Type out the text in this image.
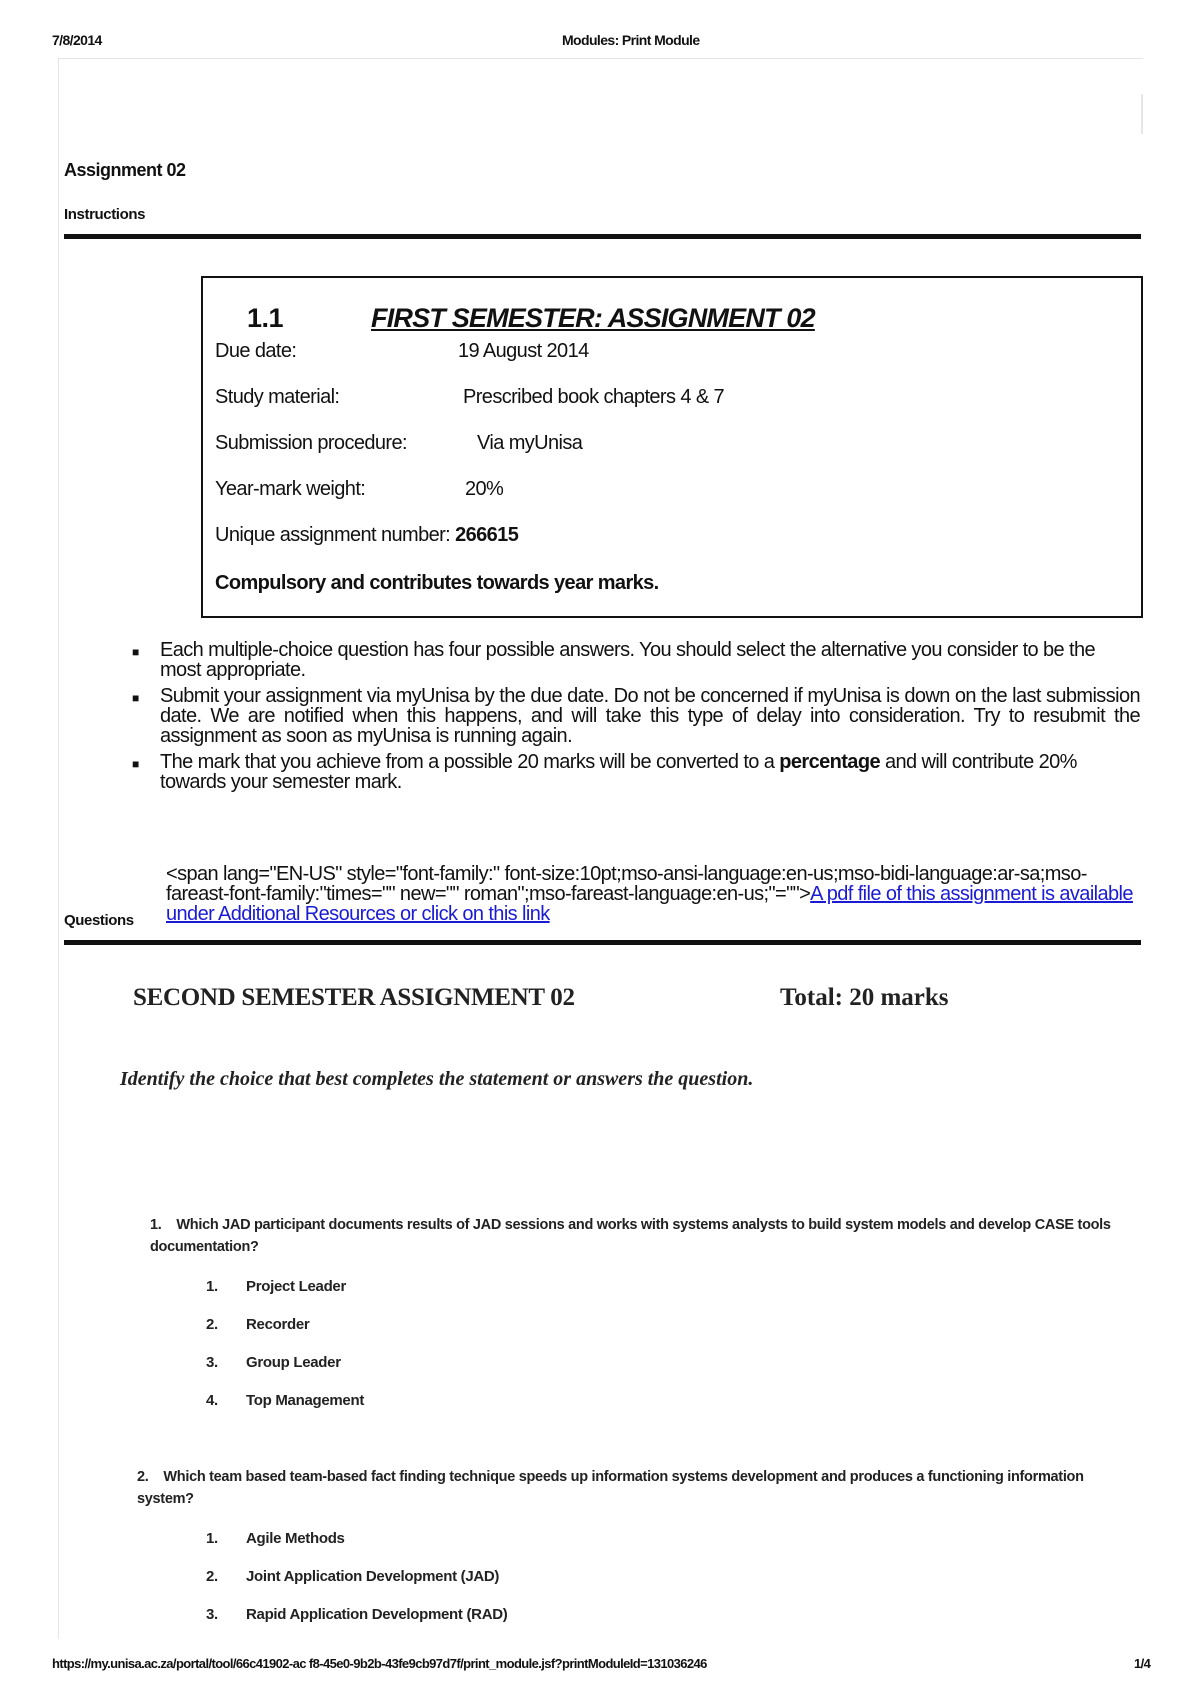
7/8/2014	Modules: Print Module
Assignment 02
Instructions
1.1	FIRST SEMESTER: ASSIGNMENT 02
Due date:	19 August 2014
Study material:	Prescribed book chapters 4 & 7
Submission procedure:	Via myUnisa
Year-mark weight:	20%
Unique assignment number: 266615
Compulsory and contributes towards year marks.
■ Each multiple-choice question has four possible answers. You should select the alternative you consider to be the most appropriate.
■ Submit your assignment via myUnisa by the due date. Do not be concerned if myUnisa is down on the last submission date. We are notified when this happens, and will take this type of delay into consideration. Try to resubmit the assignment as soon as myUnisa is running again.
■ The mark that you achieve from a possible 20 marks will be converted to a percentage and will contribute 20% towards your semester mark.
<span lang="EN-US" style="font-family:" font-size:10pt;mso-ansi-language:en-us;mso-bidi-language:ar-sa;mso-fareast-font-family:"times="" new="" roman";mso-fareast-language:en-us;"="">A pdf file of this assignment is available under Additional Resources or click on this link
Questions
SECOND SEMESTER ASSIGNMENT 02	Total: 20 marks
Identify the choice that best completes the statement or answers the question.
1. Which JAD participant documents results of JAD sessions and works with systems analysts to build system models and develop CASE tools documentation?
1. Project Leader
2. Recorder
3. Group Leader
4. Top Management
2. Which team based team-based fact finding technique speeds up information systems development and produces a functioning information system?
1. Agile Methods
2. Joint Application Development (JAD)
3. Rapid Application Development (RAD)
https://my.unisa.ac.za/portal/tool/66c41902-ac f8-45e0-9b2b-43fe9cb97d7f/print_module.jsf?printModuleId=131036246	1/4
